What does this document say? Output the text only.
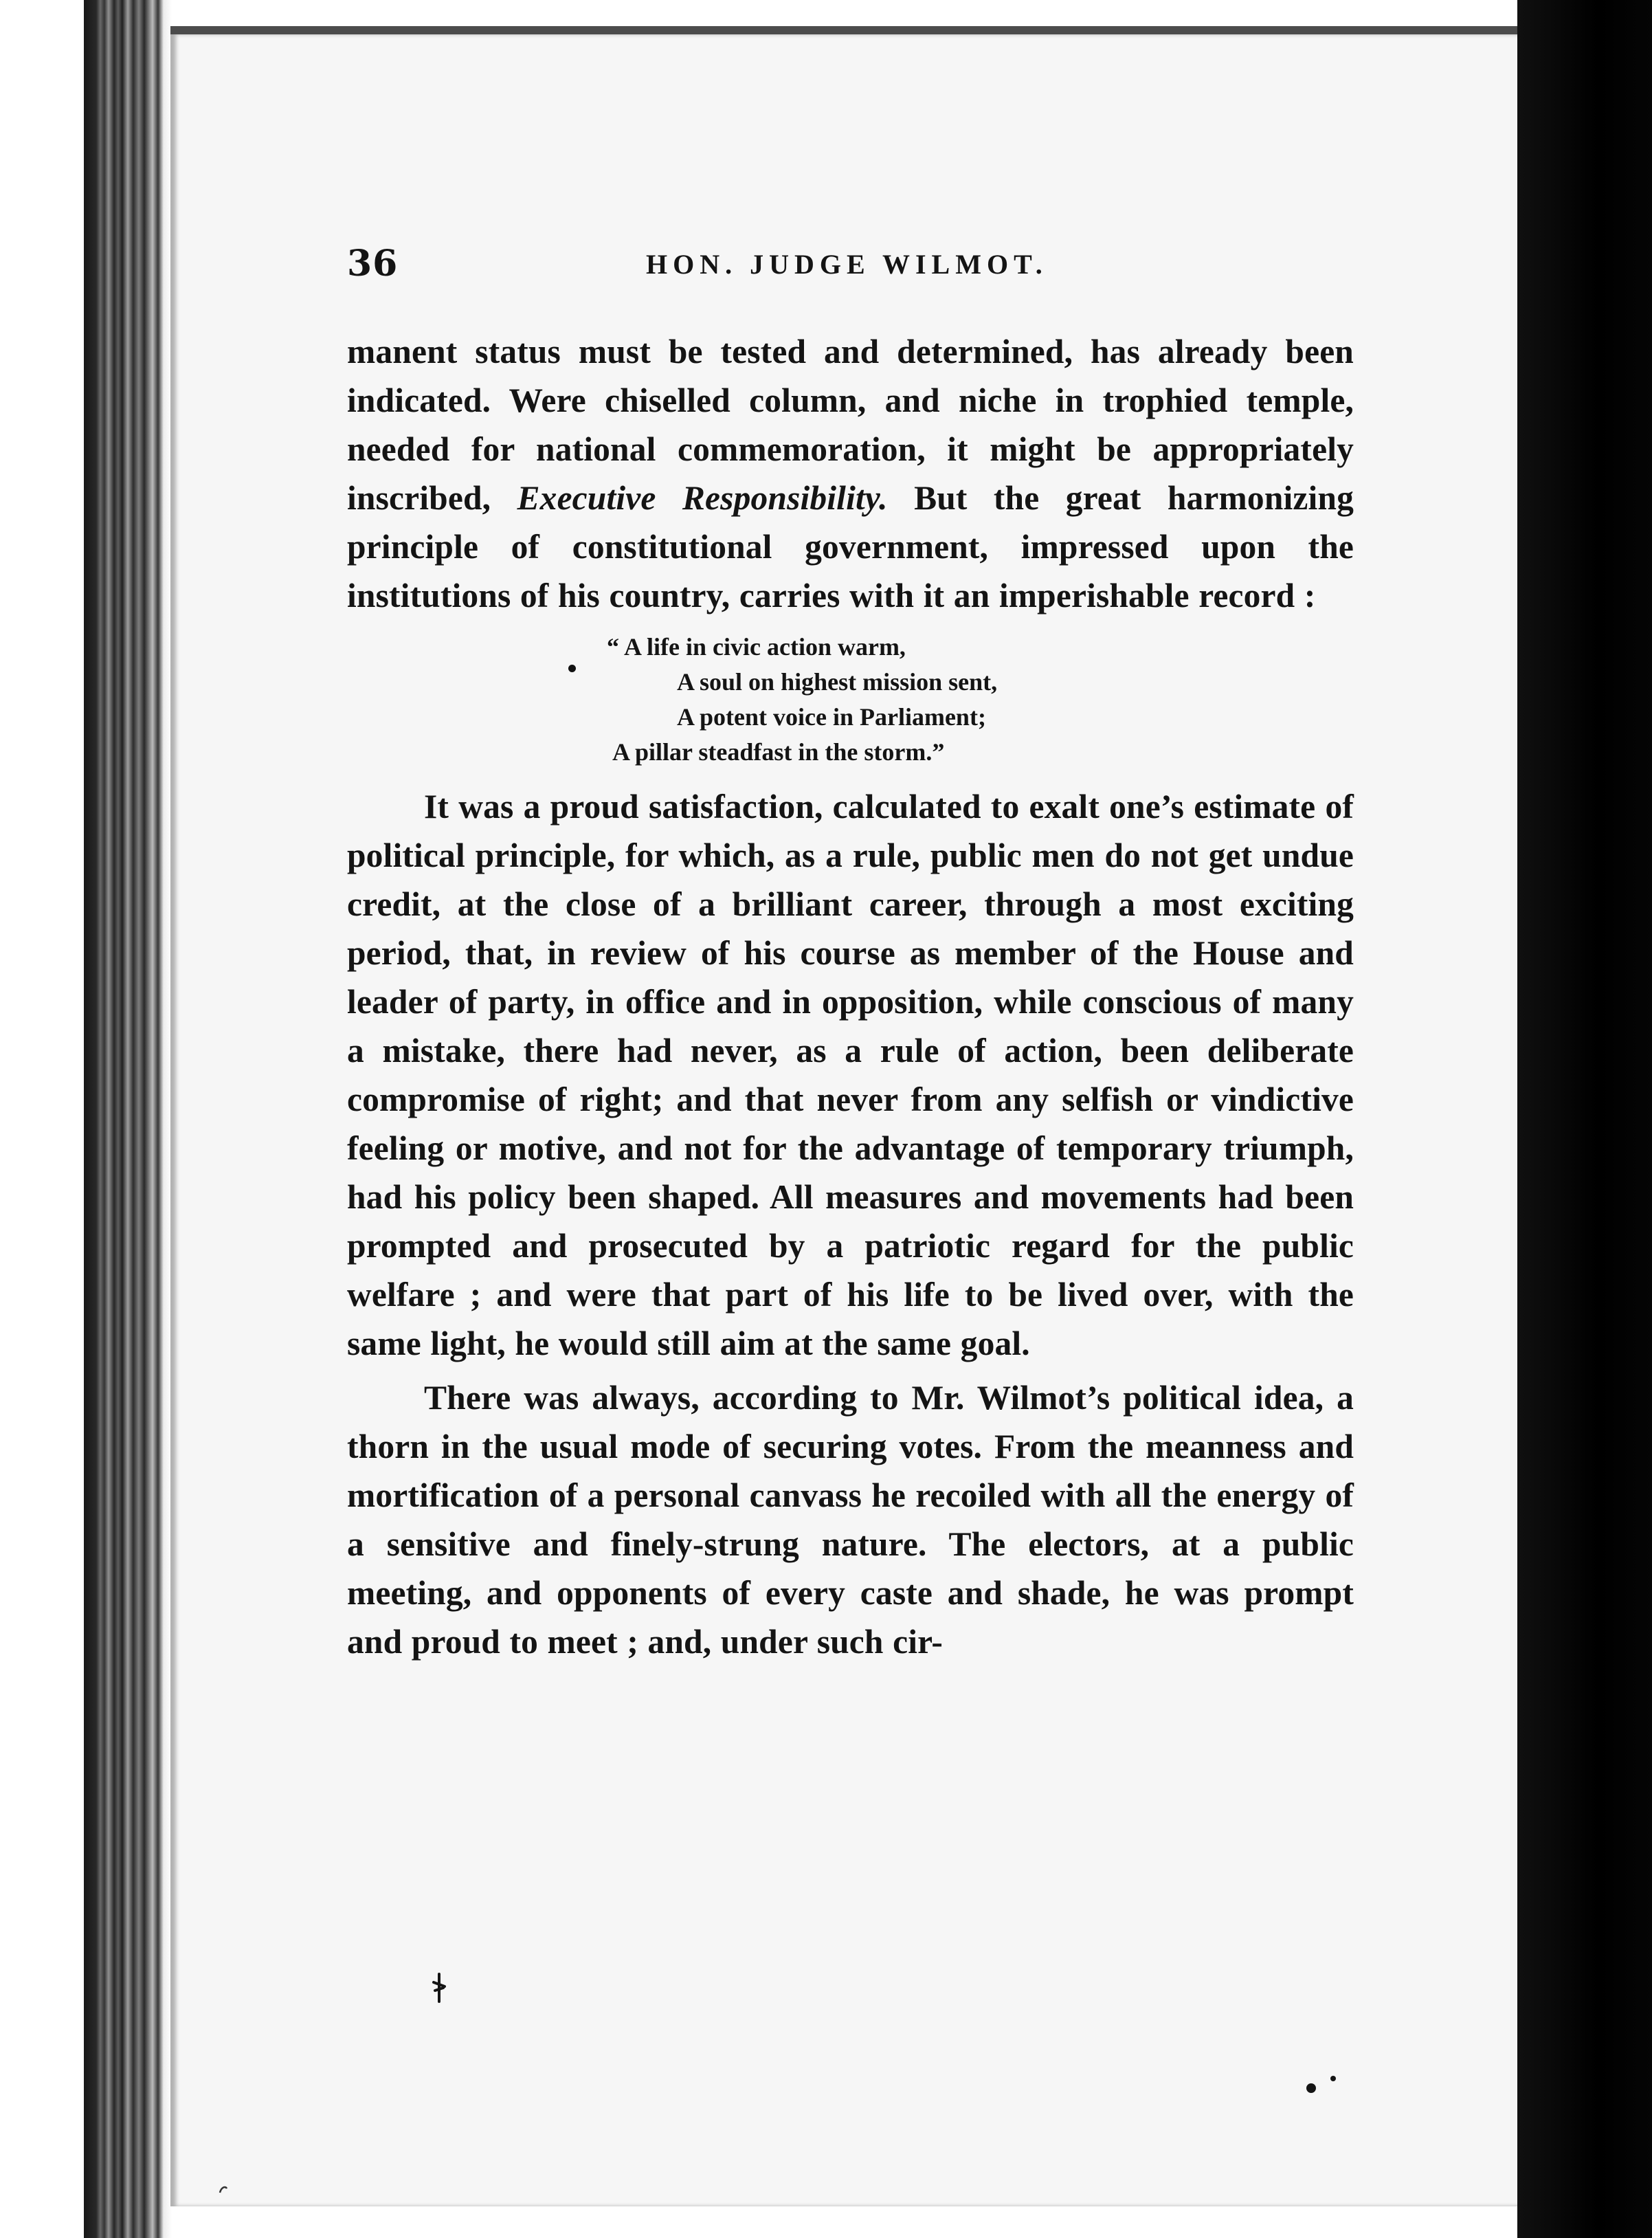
36	HON. JUDGE WILMOT.

manent status must be tested and determined, has already been indicated. Were chiselled column, and niche in trophied temple, needed for national commemoration, it might be appropriately inscribed, Executive Responsibility. But the great harmonizing principle of constitutional government, impressed upon the institutions of his country, carries with it an imperishable record :

“ A life in civic action warm,
A soul on highest mission sent,
A potent voice in Parliament;
A pillar steadfast in the storm.”

It was a proud satisfaction, calculated to exalt one’s estimate of political principle, for which, as a rule, public men do not get undue credit, at the close of a brilliant career, through a most exciting period, that, in review of his course as member of the House and leader of party, in office and in opposition, while conscious of many a mistake, there had never, as a rule of action, been deliberate compromise of right; and that never from any selfish or vindictive feeling or motive, and not for the advantage of temporary triumph, had his policy been shaped. All measures and movements had been prompted and prosecuted by a patriotic regard for the public welfare ; and were that part of his life to be lived over, with the same light, he would still aim at the same goal.

There was always, according to Mr. Wilmot’s political idea, a thorn in the usual mode of securing votes. From the meanness and mortification of a personal canvass he recoiled with all the energy of a sensitive and finely-strung nature. The electors, at a public meeting, and opponents of every caste and shade, he was prompt and proud to meet ; and, under such cir-
